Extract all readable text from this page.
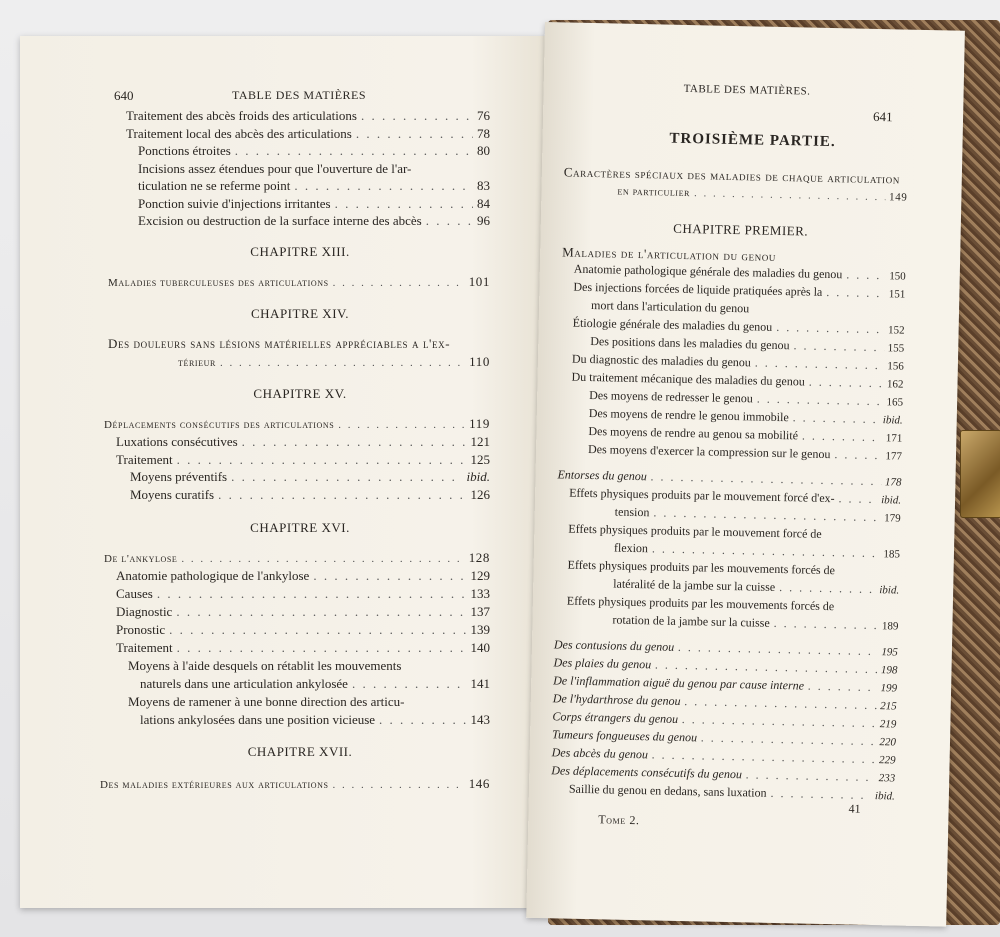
640	TABLE DES MATIÈRES
Traitement des abcès froids des articulations . . .	76
Traitement local des abcès des articulations . . .	78
Ponctions étroites . . .	80
Incisions assez étendues pour que l'ouverture de l'ar-
ticulation ne se referme point . . .	83
Ponction suivie d'injections irritantes . . .	84
Excision ou destruction de la surface interne des abcès . . .	96
CHAPITRE XIII.
Maladies tuberculeuses des articulations . . .	101
CHAPITRE XIV.
Des douleurs sans lésions matérielles appréciables a l'ex-
térieur . . .	110
CHAPITRE XV.
Déplacements consécutifs des articulations . . .	119
Luxations consécutives . . .	121
Traitement . . .	125
Moyens préventifs . . .	ibid.
Moyens curatifs . . .	126
CHAPITRE XVI.
De l'ankylose . . .	128
Anatomie pathologique de l'ankylose . . .	129
Causes . . .	133
Diagnostic . . .	137
Pronostic . . .	139
Traitement . . .	140
Moyens à l'aide desquels on rétablit les mouvements
naturels dans une articulation ankylosée . . .	141
Moyens de ramener à une bonne direction des articu-
lations ankylosées dans une position vicieuse . . .	143
CHAPITRE XVII.
Des maladies extérieures aux articulations . . .	146
TABLE DES MATIÈRES.
641
TROISIÈME PARTIE.
Caractères spéciaux des maladies de chaque articulation
en particulier . . .	149
CHAPITRE PREMIER.
Maladies de l'articulation du genou
Anatomie pathologique générale des maladies du genou . . .	150
Des injections forcées de liquide pratiquées après la . . .	151
mort dans l'articulation du genou
Étiologie générale des maladies du genou . . .	152
Des positions dans les maladies du genou . . .	155
Du diagnostic des maladies du genou . . .	156
Du traitement mécanique des maladies du genou . . .	162
Des moyens de redresser le genou . . .	165
Des moyens de rendre le genou immobile . . .	ibid.
Des moyens de rendre au genou sa mobilité . . .	171
Des moyens d'exercer la compression sur le genou . . .	177
Entorses du genou . . .	178
Effets physiques produits par le mouvement forcé d'ex- . . .	ibid.
tension . . .	179
Effets physiques produits par le mouvement forcé de
flexion . . .	185
Effets physiques produits par les mouvements forcés de
latéralité de la jambe sur la cuisse . . .	ibid.
Effets physiques produits par les mouvements forcés de
rotation de la jambe sur la cuisse . . .	189
Des contusions du genou . . .	195
Des plaies du genou . . .	198
De l'inflammation aiguë du genou par cause interne . . .	199
De l'hydarthrose du genou . . .	215
Corps étrangers du genou . . .	219
Tumeurs fongueuses du genou . . .	220
Des abcès du genou . . .	229
Des déplacements consécutifs du genou . . .	233
Saillie du genou en dedans, sans luxation . . .	ibid.
Tome 2.
41
